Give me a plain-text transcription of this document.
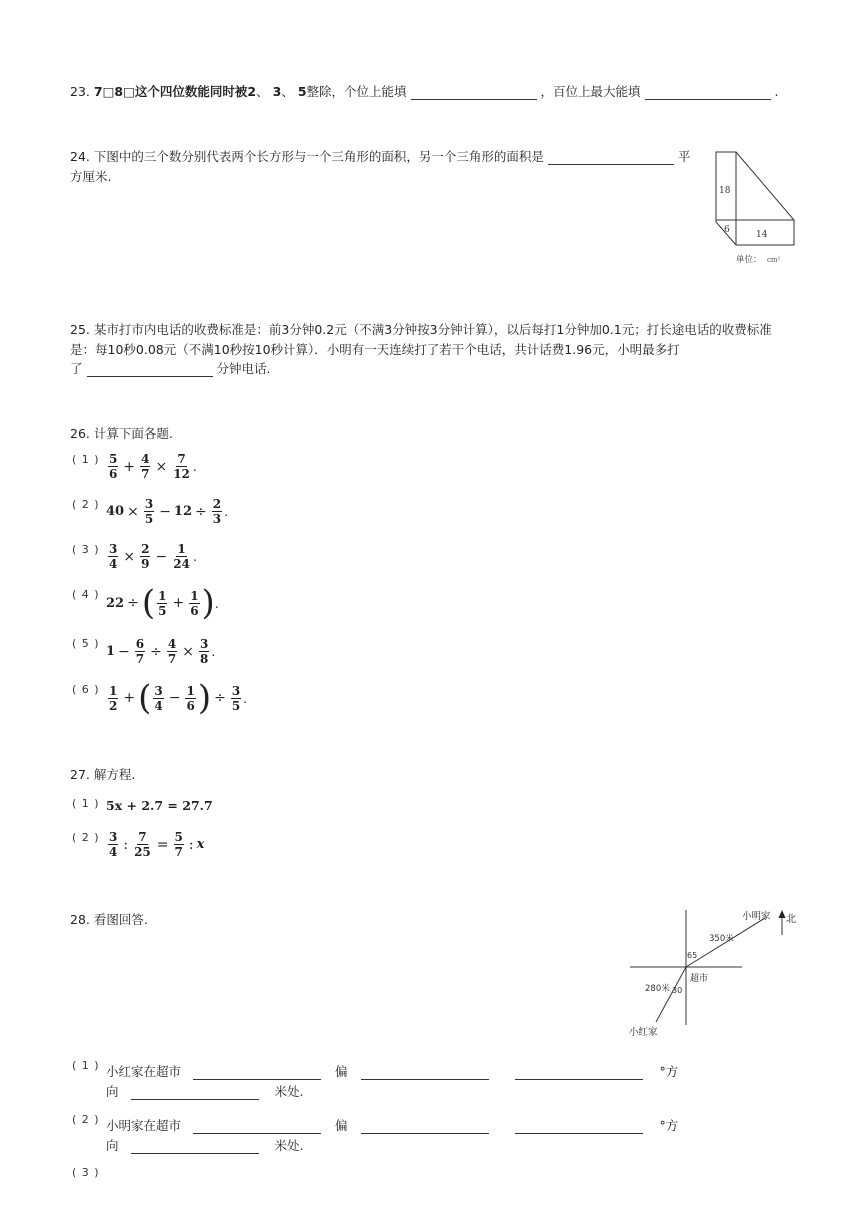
23. 7□8□这个四位数能同时被2、 3、 5整除，个位上能填	，百位上最大能填	.
24. 下图中的三个数分别代表两个长方形与一个三角形的面积，另一个三角形的面积是	平
方厘米.
18
6	14
单位： cm²
25. 某市打市内电话的收费标准是：前3分钟0.2元（不满3分钟按3分钟计算），以后每打1分钟加0.1元；打长途电话的收费标准
是：每10秒0.08元（不满10秒按10秒计算）．小明有一天连续打了若干个电话，共计话费1.96元，小明最多打
了	分钟电话.
26. 计算下面各题.
( 1 ) $\frac{5}{6} + \frac{4}{7} \times \frac{7}{12}$ .
( 2 ) $40 \times \frac{3}{5} - 12 \div \frac{2}{3}$ .
( 3 ) $\frac{3}{4} \times \frac{2}{9} - \frac{1}{24}$ .
( 4 )
22 ÷ ( $\frac{1}{5} + \frac{1}{6}$ ) .
( 5 )
$1 - \frac{6}{7} \div \frac{4}{7} \times \frac{3}{8}$ .
( 6 ) $\frac{1}{2}$ + ( $\frac{3}{4} - \frac{1}{6}$ ) ÷ $\frac{3}{5}$ .
27. 解方程.
( 1 ) 5x + 2.7 = 27.7
( 2 ) $\frac{3}{4}$ : $\frac{7}{25} = \frac{5}{7}$ : x
28. 看图回答.	小明家 北
350米
65
超市
280米 30
小红家
( 1 ) 小红家在超市	偏	°方
向	米处.
( 2 ) 小明家在超市	偏	°方
向	米处.
( 3 )
